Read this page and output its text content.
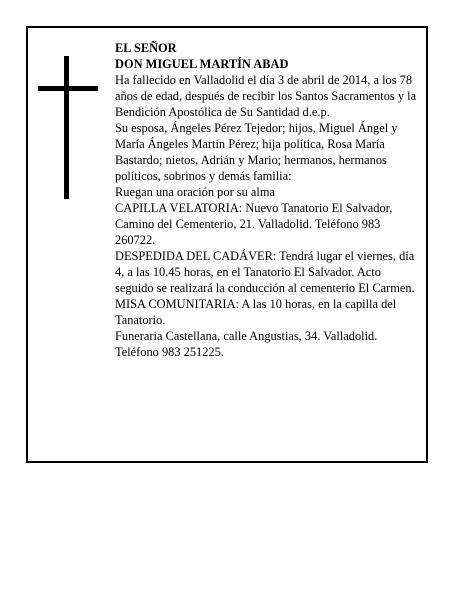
EL SEÑOR

DON MIGUEL MARTÍN ABAD

Ha fallecido en Valladolid el día 3 de abril de 2014, a los 78 años de edad, después de recibir los Santos Sacramentos y la Bendición Apostólica de Su Santidad d.e.p.

Su esposa, Ángeles Pérez Tejedor; hijos, Miguel Ángel y María Ángeles Martín Pérez; hija política, Rosa María Bastardo; nietos, Adrián y Mario; hermanos, hermanos políticos, sobrinos y demás familia:

Ruegan una oración por su alma

CAPILLA VELATORIA: Nuevo Tanatorio El Salvador, Camino del Cementerio, 21. Valladolid. Teléfono 983 260722.

DESPEDIDA DEL CADÁVER: Tendrá lugar el viernes, día 4, a las 10.45 horas, en el Tanatorio El Salvador. Acto seguido se realizará la conducción al cementerio El Carmen.

MISA COMUNITARIA: A las 10 horas, en la capilla del Tanatorio.

Funeraria Castellana, calle Angustias, 34. Valladolid. Teléfono 983 251225.
